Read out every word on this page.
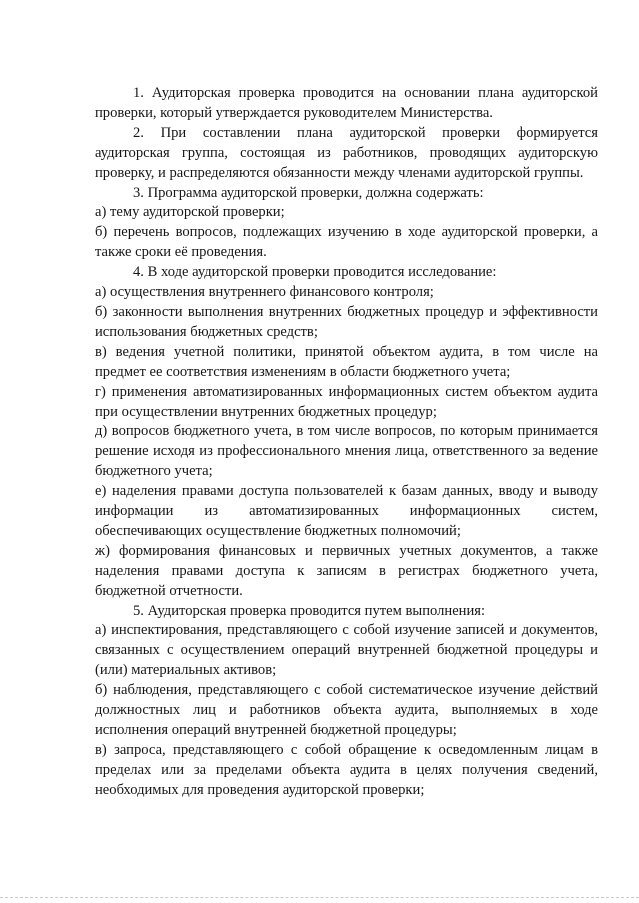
1. Аудиторская проверка проводится на основании плана аудиторской проверки, который утверждается руководителем Министерства.

2. При составлении плана аудиторской проверки формируется аудиторская группа, состоящая из работников, проводящих аудиторскую проверку, и распределяются обязанности между членами аудиторской группы.

3. Программа аудиторской проверки, должна содержать:

а) тему аудиторской проверки;

б) перечень вопросов, подлежащих изучению в ходе аудиторской проверки, а также сроки её проведения.

4. В ходе аудиторской проверки проводится исследование:

а) осуществления внутреннего финансового контроля;

б) законности выполнения внутренних бюджетных процедур и эффективности использования бюджетных средств;

в) ведения учетной политики, принятой объектом аудита, в том числе на предмет ее соответствия изменениям в области бюджетного учета;

г) применения автоматизированных информационных систем объектом аудита при осуществлении внутренних бюджетных процедур;

д) вопросов бюджетного учета, в том числе вопросов, по которым принимается решение исходя из профессионального мнения лица, ответственного за ведение бюджетного учета;

е) наделения правами доступа пользователей к базам данных, вводу и выводу информации из автоматизированных информационных систем, обеспечивающих осуществление бюджетных полномочий;

ж) формирования финансовых и первичных учетных документов, а также наделения правами доступа к записям в регистрах бюджетного учета, бюджетной отчетности.

5. Аудиторская проверка проводится путем выполнения:

а) инспектирования, представляющего с собой изучение записей и документов, связанных с осуществлением операций внутренней бюджетной процедуры и (или) материальных активов;

б) наблюдения, представляющего с собой систематическое изучение действий должностных лиц и работников объекта аудита, выполняемых в ходе исполнения операций внутренней бюджетной процедуры;

в) запроса, представляющего с собой обращение к осведомленным лицам в пределах или за пределами объекта аудита в целях получения сведений, необходимых для проведения аудиторской проверки;
